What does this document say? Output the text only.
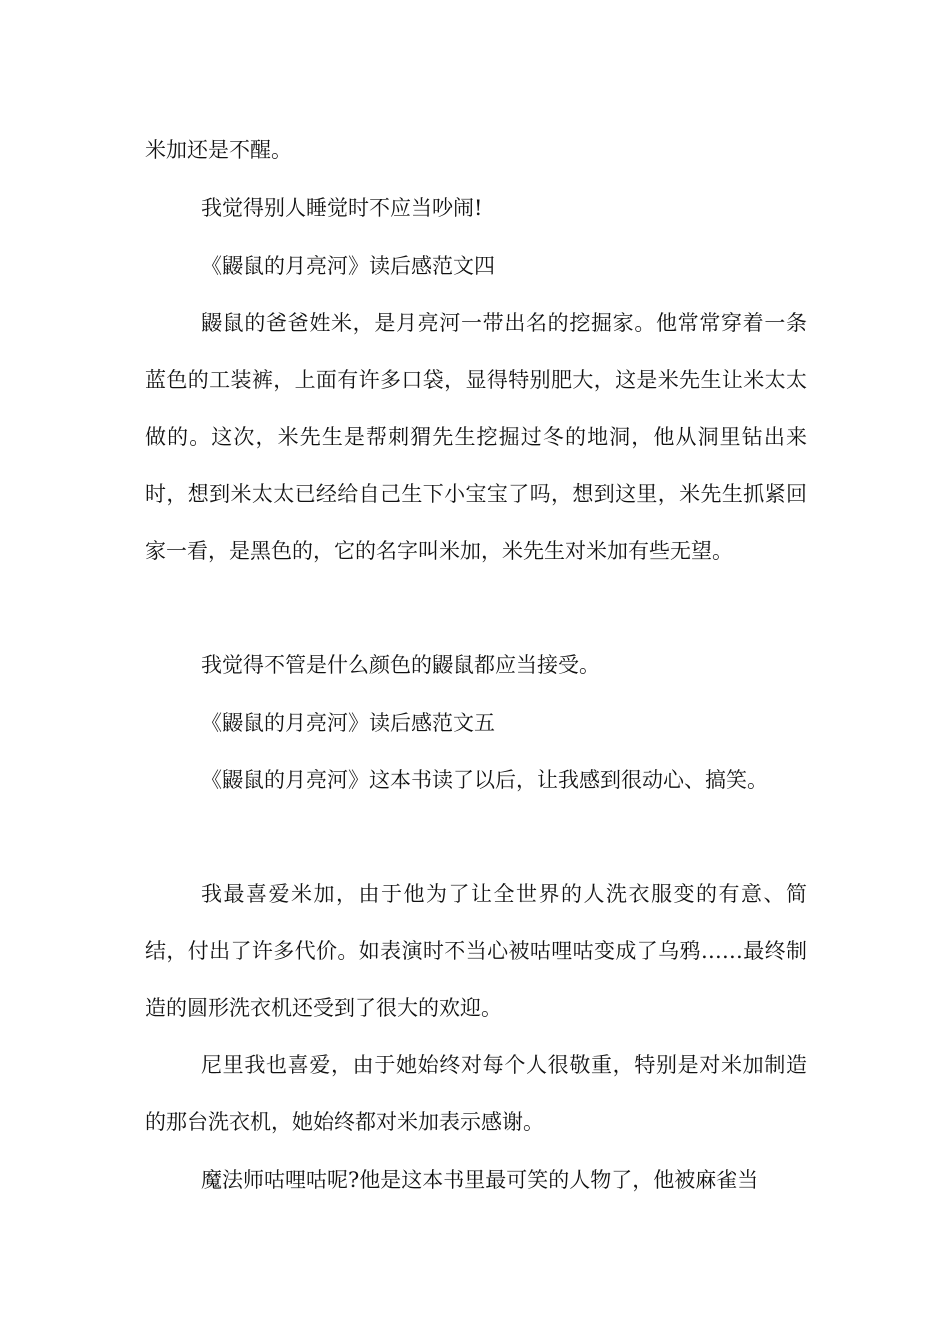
米加还是不醒。

我觉得别人睡觉时不应当吵闹!

《鼹鼠的月亮河》读后感范文四

鼹鼠的爸爸姓米，是月亮河一带出名的挖掘家。他常常穿着一条蓝色的工装裤，上面有许多口袋，显得特别肥大，这是米先生让米太太做的。这次，米先生是帮刺猬先生挖掘过冬的地洞，他从洞里钻出来时，想到米太太已经给自己生下小宝宝了吗，想到这里，米先生抓紧回家一看，是黑色的，它的名字叫米加，米先生对米加有些无望。

我觉得不管是什么颜色的鼹鼠都应当接受。

《鼹鼠的月亮河》读后感范文五

《鼹鼠的月亮河》这本书读了以后，让我感到很动心、搞笑。

我最喜爱米加，由于他为了让全世界的人洗衣服变的有意、简结，付出了许多代价。如表演时不当心被咕哩咕变成了乌鸦……最终制造的圆形洗衣机还受到了很大的欢迎。

尼里我也喜爱，由于她始终对每个人很敬重，特别是对米加制造的那台洗衣机，她始终都对米加表示感谢。

魔法师咕哩咕呢?他是这本书里最可笑的人物了，他被麻雀当
